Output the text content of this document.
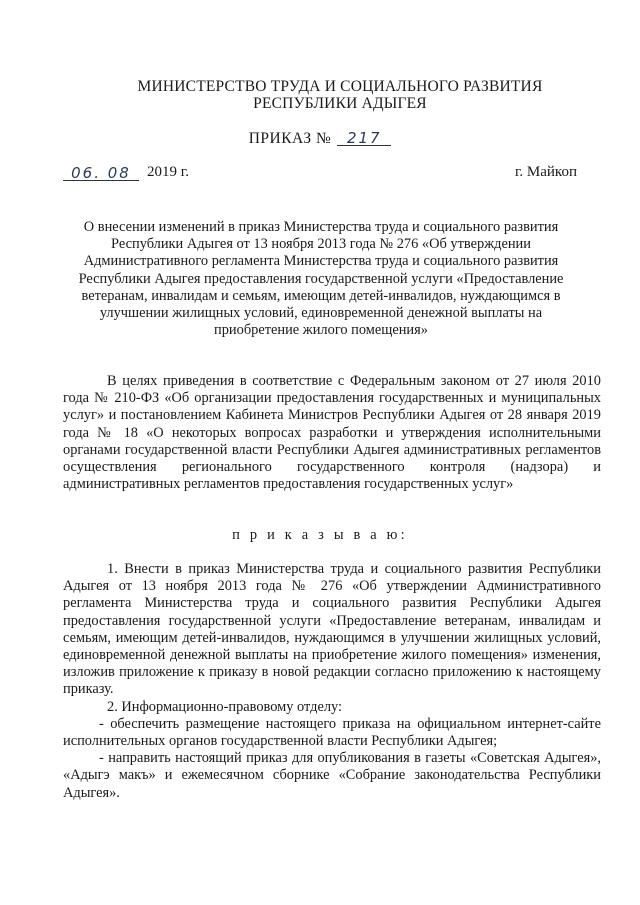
МИНИСТЕРСТВО ТРУДА И СОЦИАЛЬНОГО РАЗВИТИЯ
РЕСПУБЛИКИ АДЫГЕЯ
ПРИКАЗ № 217
06. 08	2019 г.	г. Майкоп
О внесении изменений в приказ Министерства труда и социального развития Республики Адыгея от 13 ноября 2013 года № 276 «Об утверждении Административного регламента Министерства труда и социального развития Республики Адыгея предоставления государственной услуги «Предоставление ветеранам, инвалидам и семьям, имеющим детей-инвалидов, нуждающимся в улучшении жилищных условий, единовременной денежной выплаты на приобретение жилого помещения»
В целях приведения в соответствие с Федеральным законом от 27 июля 2010 года № 210-ФЗ «Об организации предоставления государственных и муниципальных услуг» и постановлением Кабинета Министров Республики Адыгея от 28 января 2019 года № 18 «О некоторых вопросах разработки и утверждения исполнительными органами государственной власти Республики Адыгея административных регламентов осуществления регионального государственного контроля (надзора) и административных регламентов предоставления государственных услуг»
п р и к а з ы в а ю:

1. Внести в приказ Министерства труда и социального развития Республики Адыгея от 13 ноября 2013 года № 276 «Об утверждении Административного регламента Министерства труда и социального развития Республики Адыгея предоставления государственной услуги «Предоставление ветеранам, инвалидам и семьям, имеющим детей-инвалидов, нуждающимся в улучшении жилищных условий, единовременной денежной выплаты на приобретение жилого помещения» изменения, изложив приложение к приказу в новой редакции согласно приложению к настоящему приказу.

2. Информационно-правовому отделу:

- обеспечить размещение настоящего приказа на официальном интернет-сайте исполнительных органов государственной власти Республики Адыгея;

- направить настоящий приказ для опубликования в газеты «Советская Адыгея», «Адыгэ макъ» и ежемесячном сборнике «Собрание законодательства Республики Адыгея».
